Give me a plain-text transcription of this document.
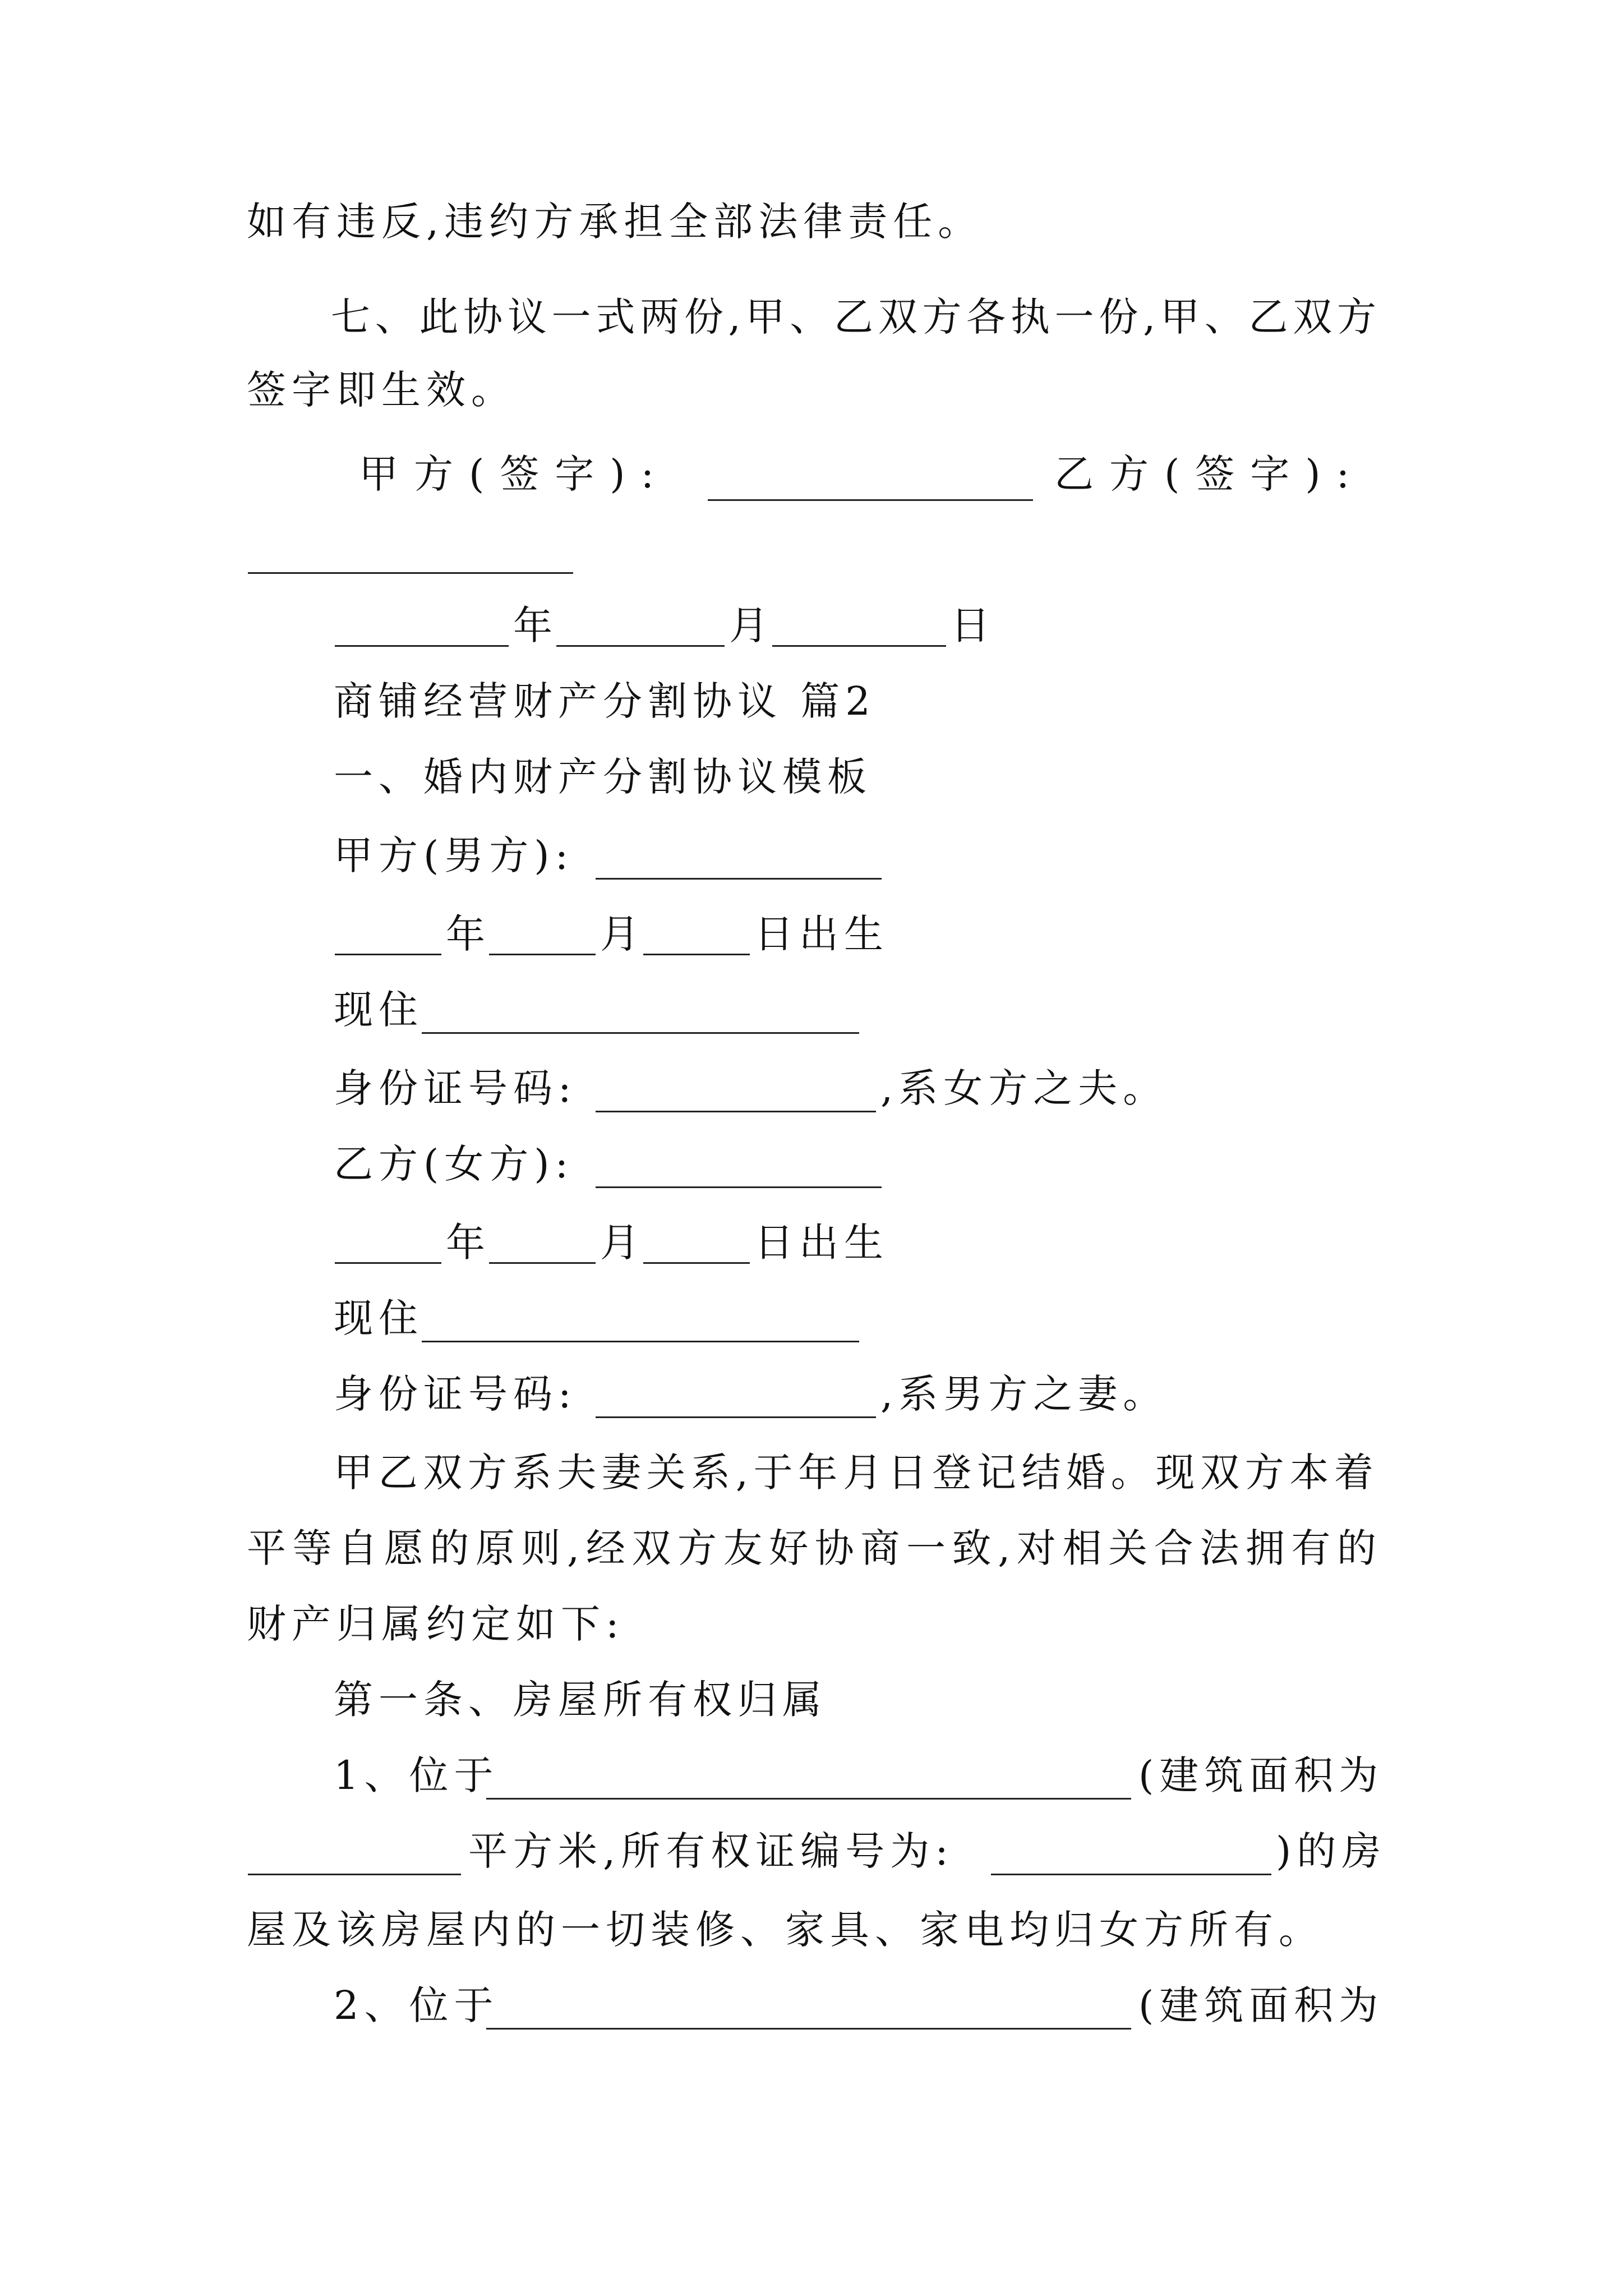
如有违反,违约方承担全部法律责任。
七、此协议一式两份,甲、乙双方各执一份,甲、乙双方
签字即生效。
甲方(签字):	乙方(签字):
年	月	日
商铺经营财产分割协议 篇2
一、婚内财产分割协议模板
甲方(男方):
年	月	日出生
现住
身份证号码:	,系女方之夫。
乙方(女方):
年	月	日出生
现住
身份证号码:	,系男方之妻。
甲乙双方系夫妻关系,于年月日登记结婚。现双方本着
平等自愿的原则,经双方友好协商一致,对相关合法拥有的
财产归属约定如下:
第一条、房屋所有权归属
1、位于	(建筑面积为
平方米,所有权证编号为:	)的房
屋及该房屋内的一切装修、家具、家电均归女方所有。
2、位于	(建筑面积为
